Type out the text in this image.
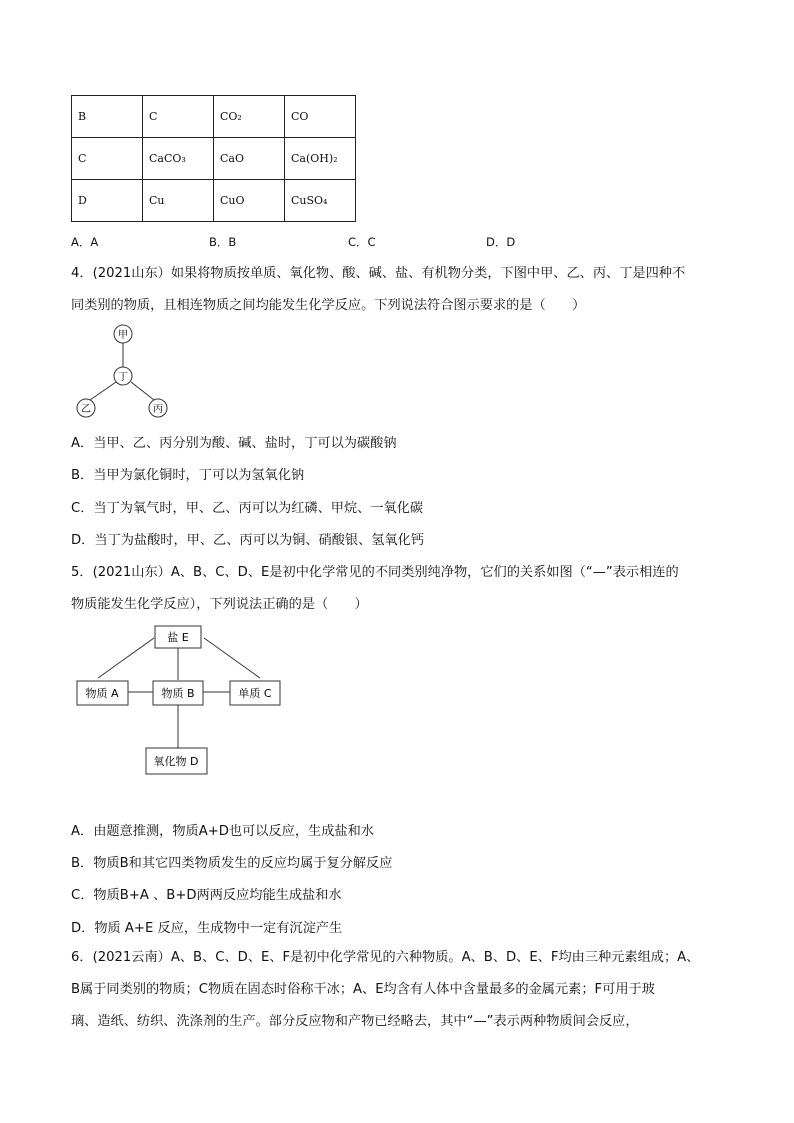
B	C	CO₂	CO
C	CaCO₃	CaO	Ca(OH)₂
D	Cu	CuO	CuSO₄
A．A	B．B	C．C	D．D
4．(2021山东）如果将物质按单质、氧化物、酸、碱、盐、有机物分类，下图中甲、乙、丙、丁是四种不
同类别的物质，且相连物质之间均能发生化学反应。下列说法符合图示要求的是（　　）
甲
丁
乙	丙
A．当甲、乙、丙分别为酸、碱、盐时，丁可以为碳酸钠
B．当甲为氯化铜时，丁可以为氢氧化钠
C．当丁为氧气时，甲、乙、丙可以为红磷、甲烷、一氧化碳
D．当丁为盐酸时，甲、乙、丙可以为铜、硝酸银、氢氧化钙
5．(2021山东）A、B、C、D、E是初中化学常见的不同类别纯净物，它们的关系如图（“—”表示相连的
物质能发生化学反应），下列说法正确的是（　　）
盐 E
物质 A	物质 B	单质 C
氧化物 D
A．由题意推测，物质A+D也可以反应，生成盐和水
B．物质B和其它四类物质发生的反应均属于复分解反应
C．物质B+A 、B+D两两反应均能生成盐和水
D．物质 A+E 反应，生成物中一定有沉淀产生
6．(2021云南）A、B、C、D、E、F是初中化学常见的六种物质。A、B、D、E、F均由三种元素组成；A、
B属于同类别的物质；C物质在固态时俗称干冰；A、E均含有人体中含量最多的金属元素；F可用于玻
璃、造纸、纺织、洗涤剂的生产。部分反应物和产物已经略去，其中“—”表示两种物质间会反应，
